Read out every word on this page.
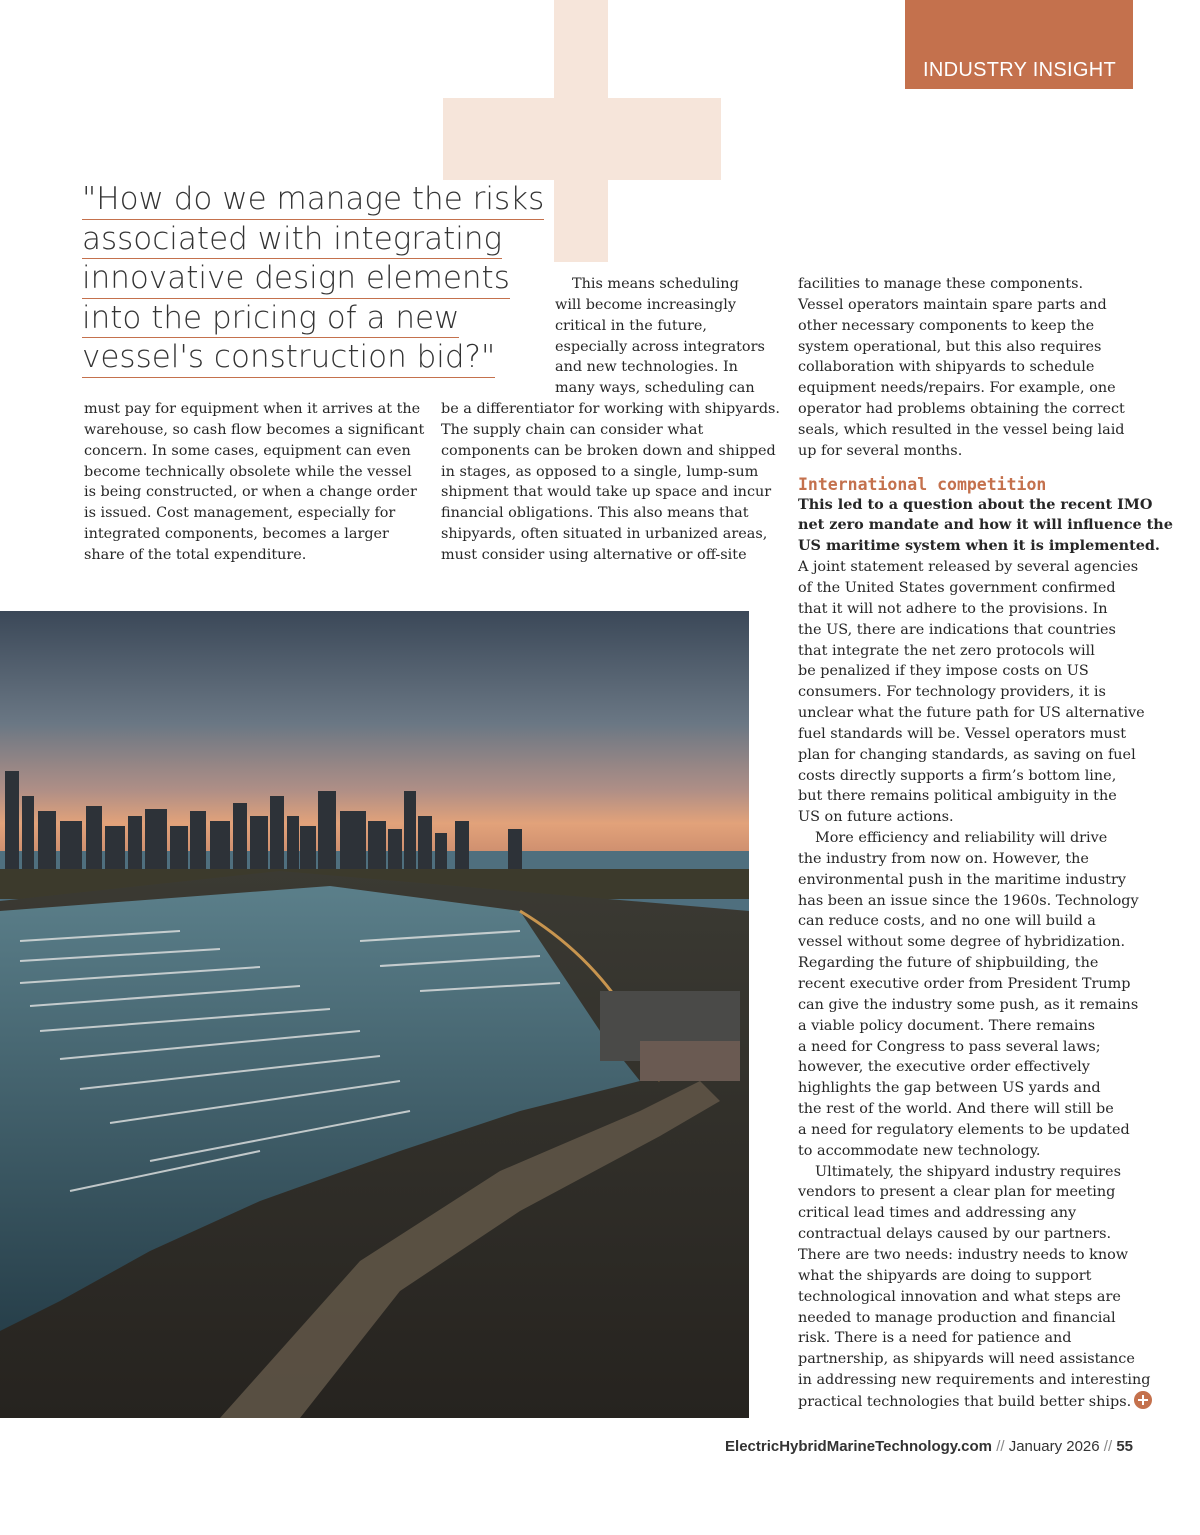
INDUSTRY INSIGHT
"How do we manage the risks
associated with integrating
innovative design elements
into the pricing of a new
vessel's construction bid?"

must pay for equipment when it arrives at the
warehouse, so cash flow becomes a significant
concern. In some cases, equipment can even
become technically obsolete while the vessel
is being constructed, or when a change order
is issued. Cost management, especially for
integrated components, becomes a larger
share of the total expenditure.

This means scheduling
will become increasingly
critical in the future,
especially across integrators
and new technologies. In
many ways, scheduling can

be a differentiator for working with shipyards.
The supply chain can consider what
components can be broken down and shipped
in stages, as opposed to a single, lump-sum
shipment that would take up space and incur
financial obligations. This also means that
shipyards, often situated in urbanized areas,
must consider using alternative or off-site

facilities to manage these components.
Vessel operators maintain spare parts and
other necessary components to keep the
system operational, but this also requires
collaboration with shipyards to schedule
equipment needs/repairs. For example, one
operator had problems obtaining the correct
seals, which resulted in the vessel being laid
up for several months.

International competition

This led to a question about the recent IMO
net zero mandate and how it will influence the
US maritime system when it is implemented.

A joint statement released by several agencies
of the United States government confirmed
that it will not adhere to the provisions. In
the US, there are indications that countries
that integrate the net zero protocols will
be penalized if they impose costs on US
consumers. For technology providers, it is
unclear what the future path for US alternative
fuel standards will be. Vessel operators must
plan for changing standards, as saving on fuel
costs directly supports a firm’s bottom line,
but there remains political ambiguity in the
US on future actions.

More efficiency and reliability will drive
the industry from now on. However, the
environmental push in the maritime industry
has been an issue since the 1960s. Technology
can reduce costs, and no one will build a
vessel without some degree of hybridization.
Regarding the future of shipbuilding, the
recent executive order from President Trump
can give the industry some push, as it remains
a viable policy document. There remains
a need for Congress to pass several laws;
however, the executive order effectively
highlights the gap between US yards and
the rest of the world. And there will still be
a need for regulatory elements to be updated
to accommodate new technology.

Ultimately, the shipyard industry requires
vendors to present a clear plan for meeting
critical lead times and addressing any
contractual delays caused by our partners.
There are two needs: industry needs to know
what the shipyards are doing to support
technological innovation and what steps are
needed to manage production and financial
risk. There is a need for patience and
partnership, as shipyards will need assistance
in addressing new requirements and interesting
practical technologies that build better ships.

ElectricHybridMarineTechnology.com // January 2026 // 55
